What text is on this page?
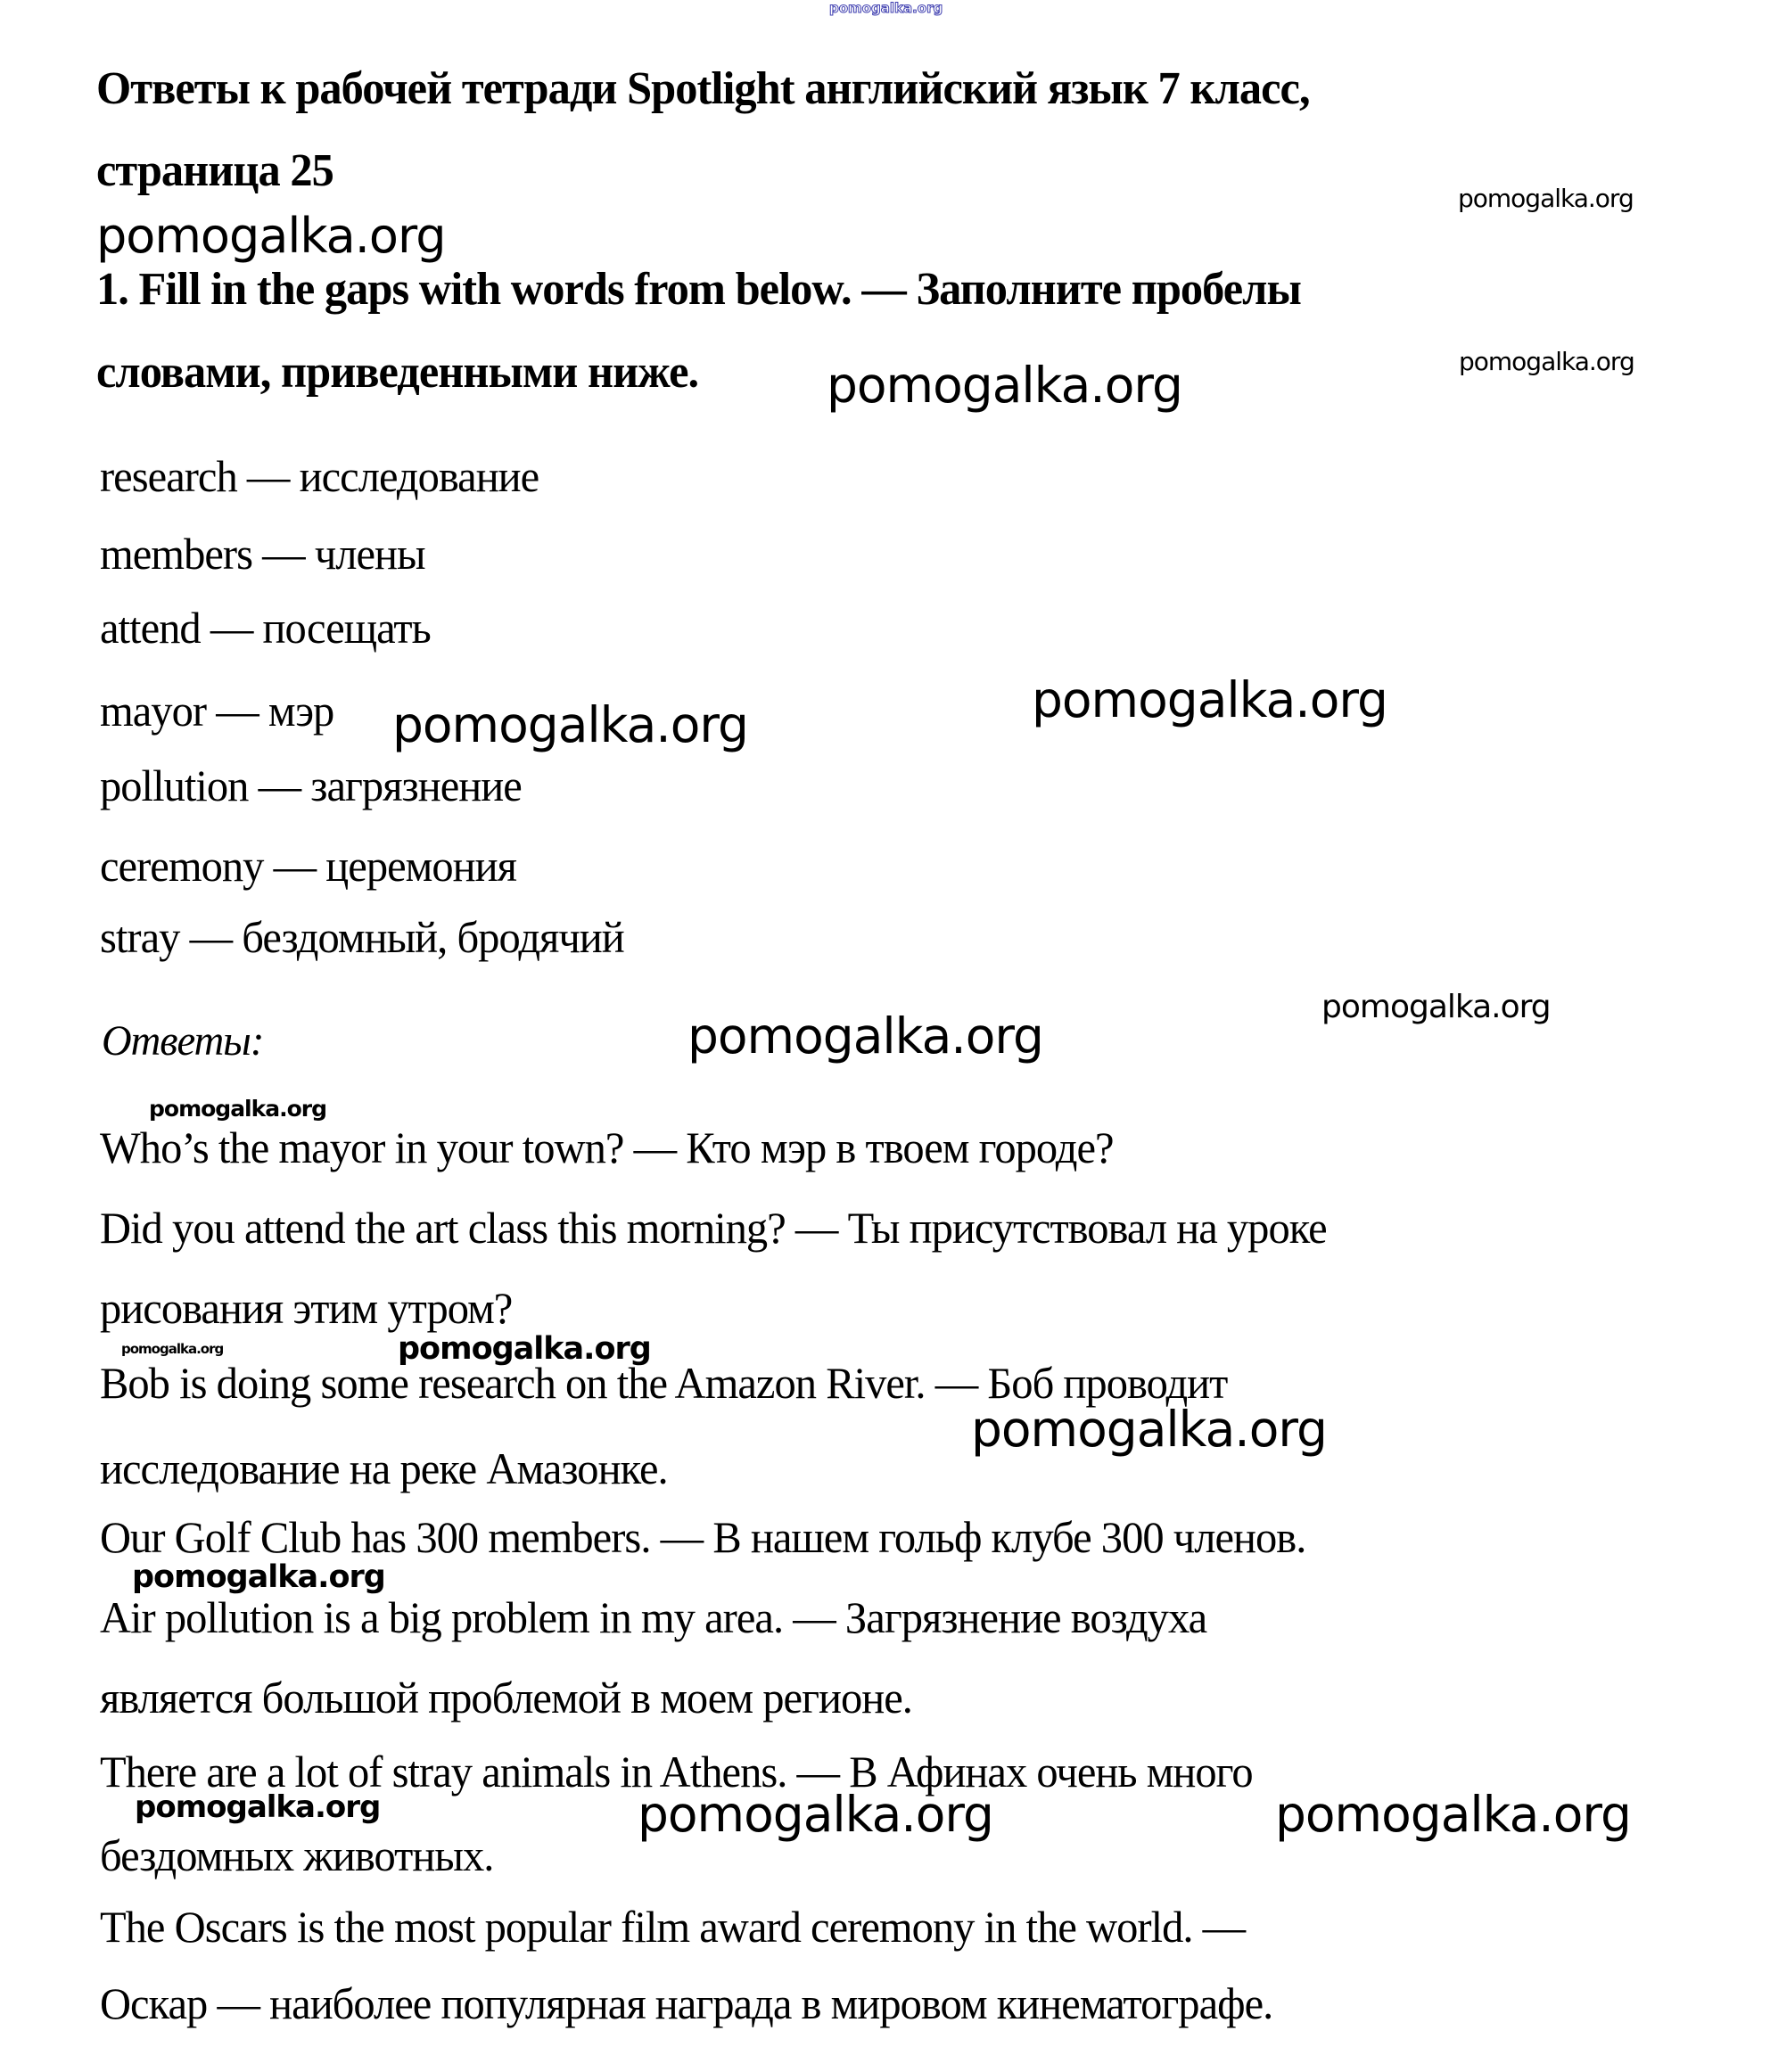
pomogalka.org
pomogalka.org
pomogalka.org
pomogalka.org
pomogalka.org
pomogalka.org
pomogalka.org
pomogalka.org
pomogalka.org
pomogalka.org
pomogalka.org	pomogalka.org
pomogalka.org
pomogalka.org
pomogalka.org	pomogalka.org	pomogalka.org
Ответы к рабочей тетради Spotlight английский язык 7 класс,
страница 25
1. Fill in the gaps with words from below. — Заполните пробелы
словами, приведенными ниже.
research — исследование
members — члены
attend — посещать
mayor — мэр
pollution — загрязнение
ceremony — церемония
stray — бездомный, бродячий
Ответы:
Who’s the mayor in your town? — Кто мэр в твоем городе?
Did you attend the art class this morning? — Ты присутствовал на уроке
рисования этим утром?
Bob is doing some research on the Amazon River. — Боб проводит
исследование на реке Амазонке.
Our Golf Club has 300 members. — В нашем гольф клубе 300 членов.
Air pollution is a big problem in my area. — Загрязнение воздуха
является большой проблемой в моем регионе.
There are a lot of stray animals in Athens. — В Афинах очень много
бездомных животных.
The Oscars is the most popular film award ceremony in the world. —
Оскар — наиболее популярная награда в мировом кинематографе.
